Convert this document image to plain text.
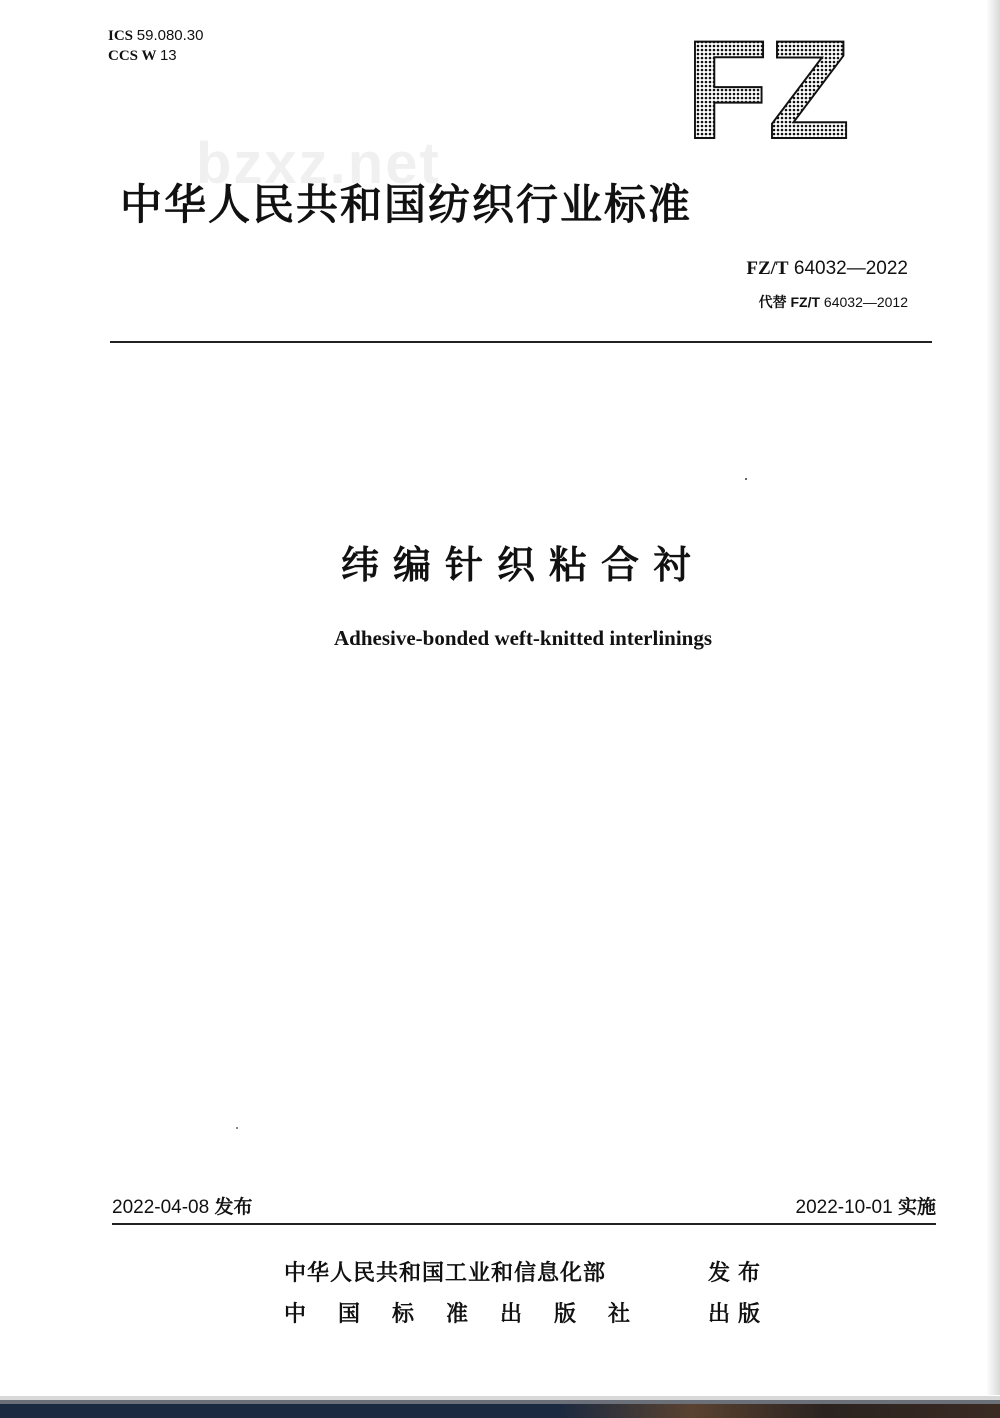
ICS 59.080.30
CCS W 13	FZ
bzxz.net
中华人民共和国纺织行业标准
FZ/T 64032—2022
代替 FZ/T 64032—2012
纬编针织粘合衬
Adhesive-bonded weft-knitted interlinings
2022-04-08 发布	2022-10-01 实施
中华人民共和国工业和信息化部	发布
中国标准出版社 出版
